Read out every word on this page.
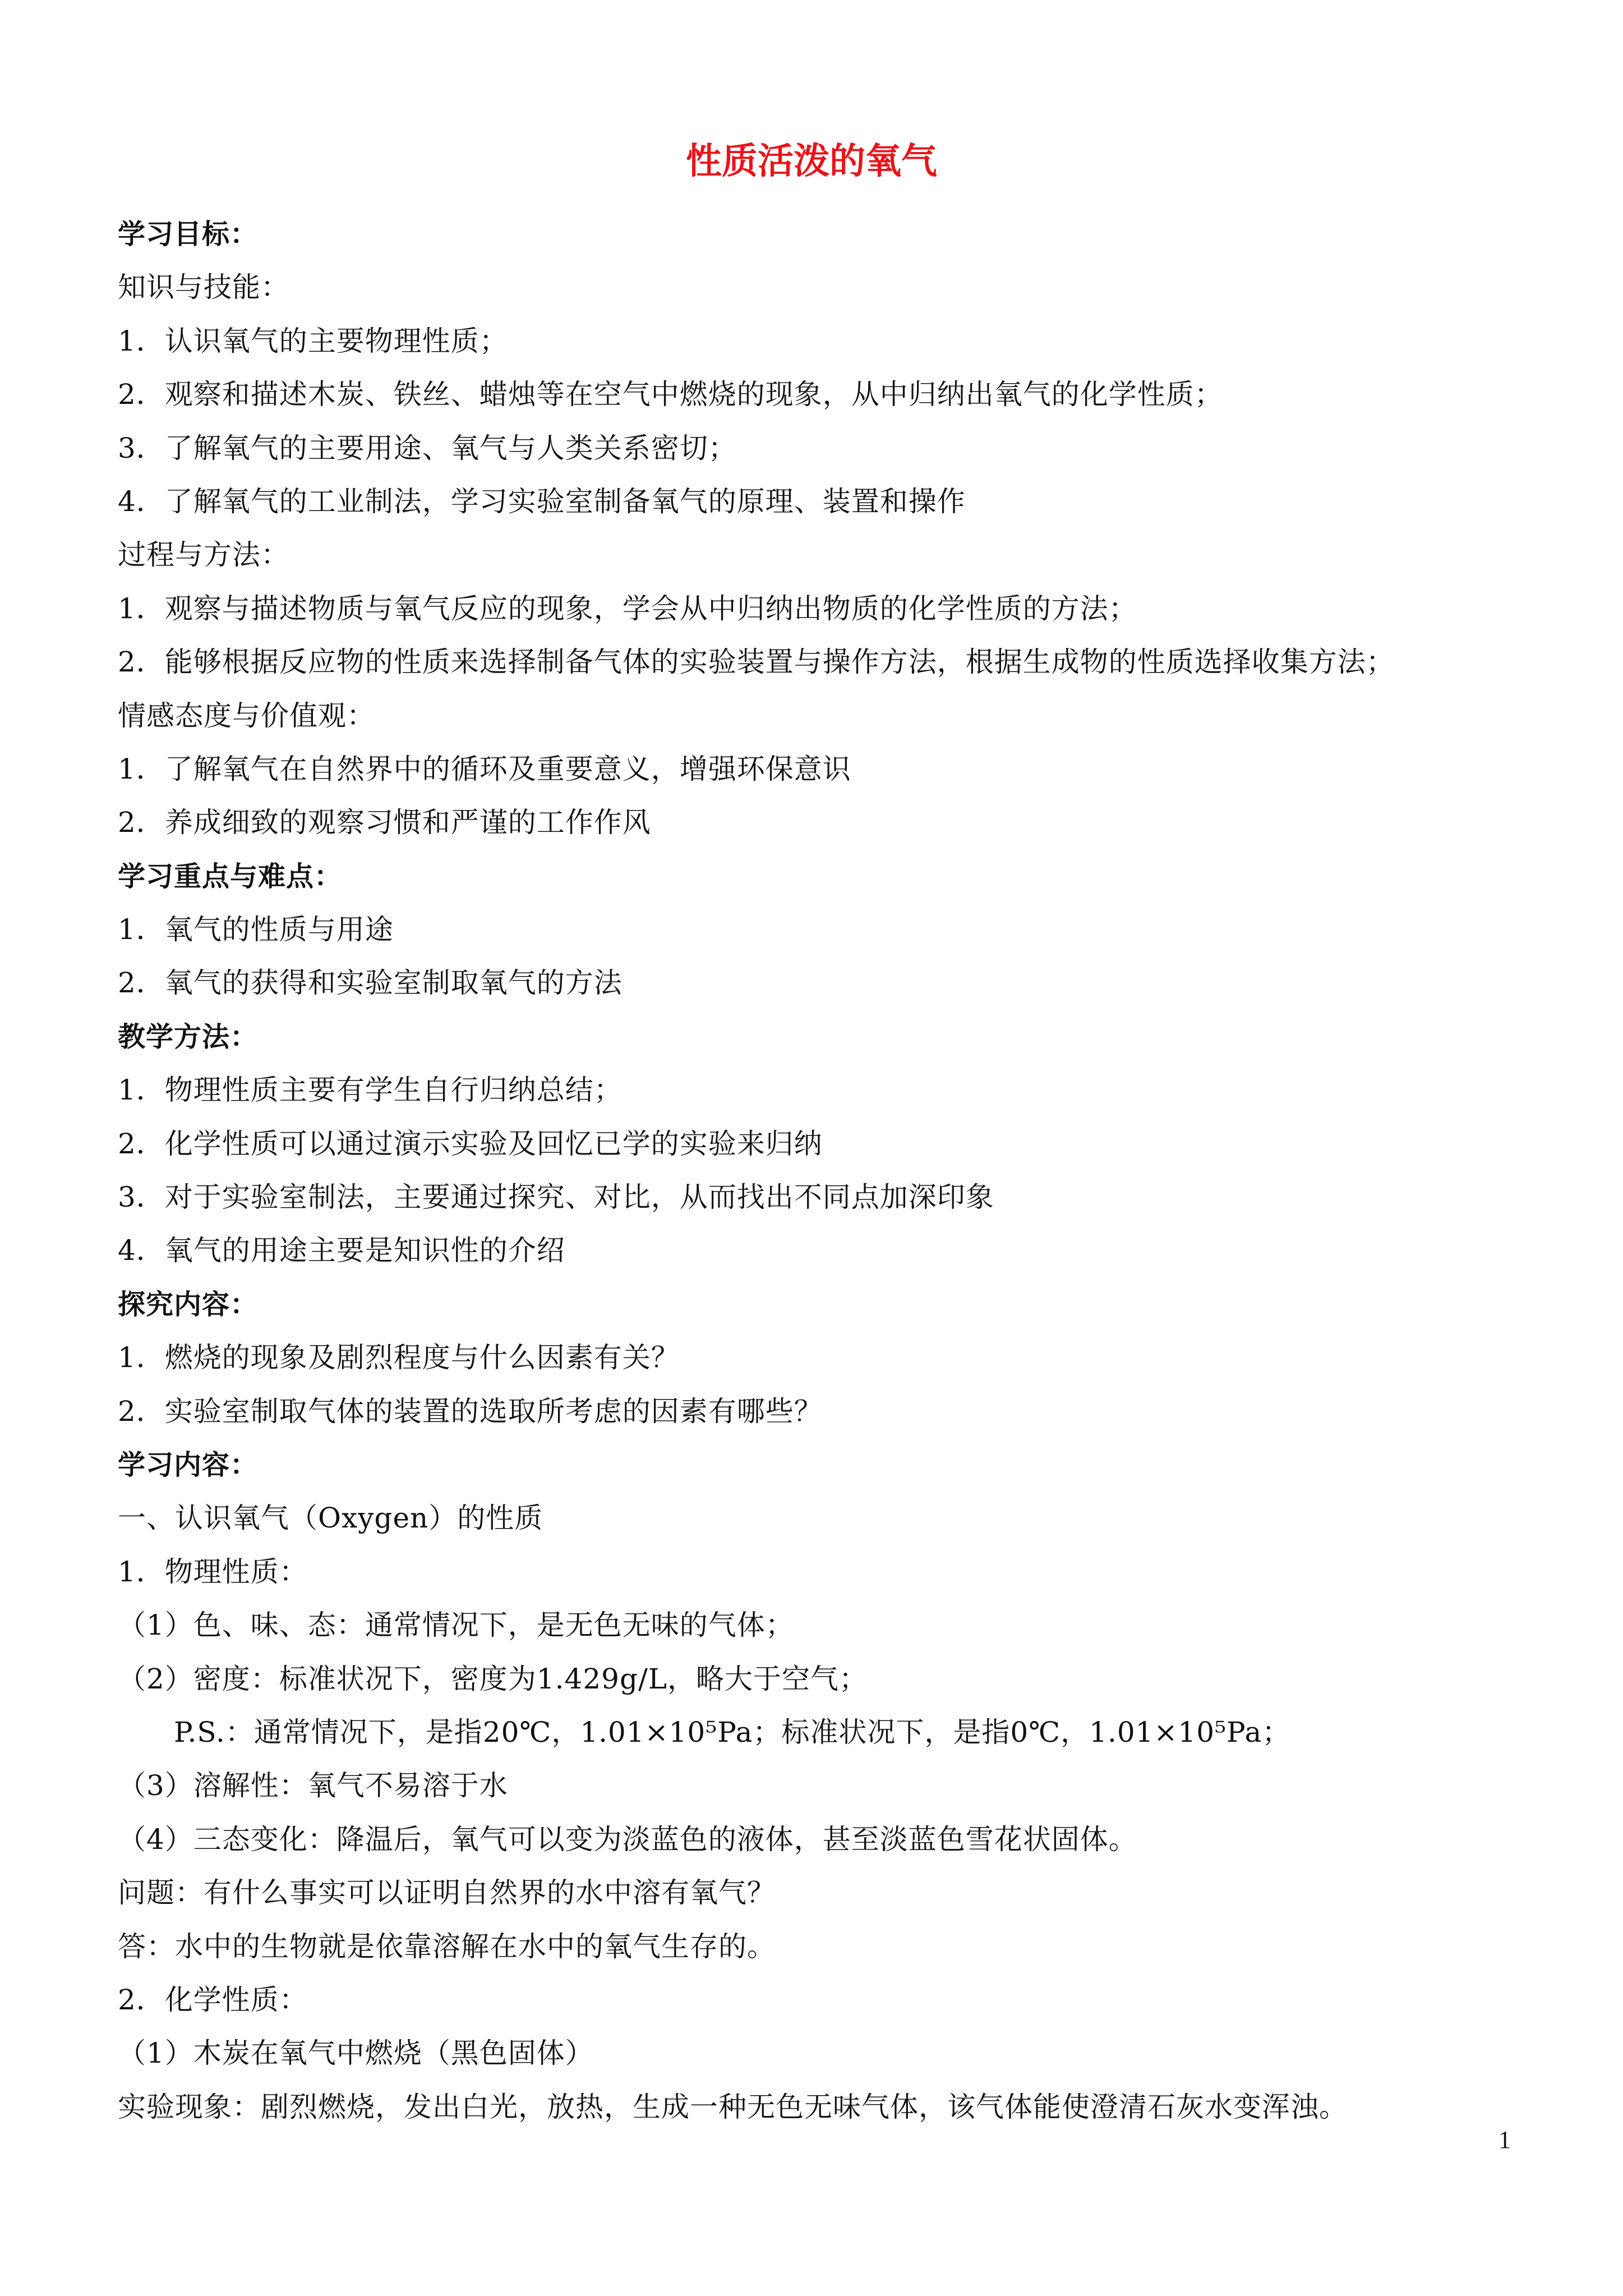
性质活泼的氧气
学习目标：
知识与技能：
1．认识氧气的主要物理性质；
2．观察和描述木炭、铁丝、蜡烛等在空气中燃烧的现象，从中归纳出氧气的化学性质；
3．了解氧气的主要用途、氧气与人类关系密切；
4．了解氧气的工业制法，学习实验室制备氧气的原理、装置和操作
过程与方法：
1．观察与描述物质与氧气反应的现象，学会从中归纳出物质的化学性质的方法；
2．能够根据反应物的性质来选择制备气体的实验装置与操作方法，根据生成物的性质选择收集方法；
情感态度与价值观：
1．了解氧气在自然界中的循环及重要意义，增强环保意识
2．养成细致的观察习惯和严谨的工作作风
学习重点与难点：
1．氧气的性质与用途
2．氧气的获得和实验室制取氧气的方法
教学方法：
1．物理性质主要有学生自行归纳总结；
2．化学性质可以通过演示实验及回忆已学的实验来归纳
3．对于实验室制法，主要通过探究、对比，从而找出不同点加深印象
4．氧气的用途主要是知识性的介绍
探究内容：
1．燃烧的现象及剧烈程度与什么因素有关？
2．实验室制取气体的装置的选取所考虑的因素有哪些？
学习内容：
一、认识氧气（Oxygen）的性质
1．物理性质：
（1）色、味、态：通常情况下，是无色无味的气体；
（2）密度：标准状况下，密度为1.429g/L，略大于空气；
P.S.：通常情况下，是指20℃，1.01×10⁵Pa；标准状况下，是指0℃，1.01×10⁵Pa；
（3）溶解性：氧气不易溶于水
（4）三态变化：降温后，氧气可以变为淡蓝色的液体，甚至淡蓝色雪花状固体。
问题：有什么事实可以证明自然界的水中溶有氧气？
答：水中的生物就是依靠溶解在水中的氧气生存的。
2．化学性质：
（1）木炭在氧气中燃烧（黑色固体）
实验现象：剧烈燃烧，发出白光，放热，生成一种无色无味气体，该气体能使澄清石灰水变浑浊。
1
